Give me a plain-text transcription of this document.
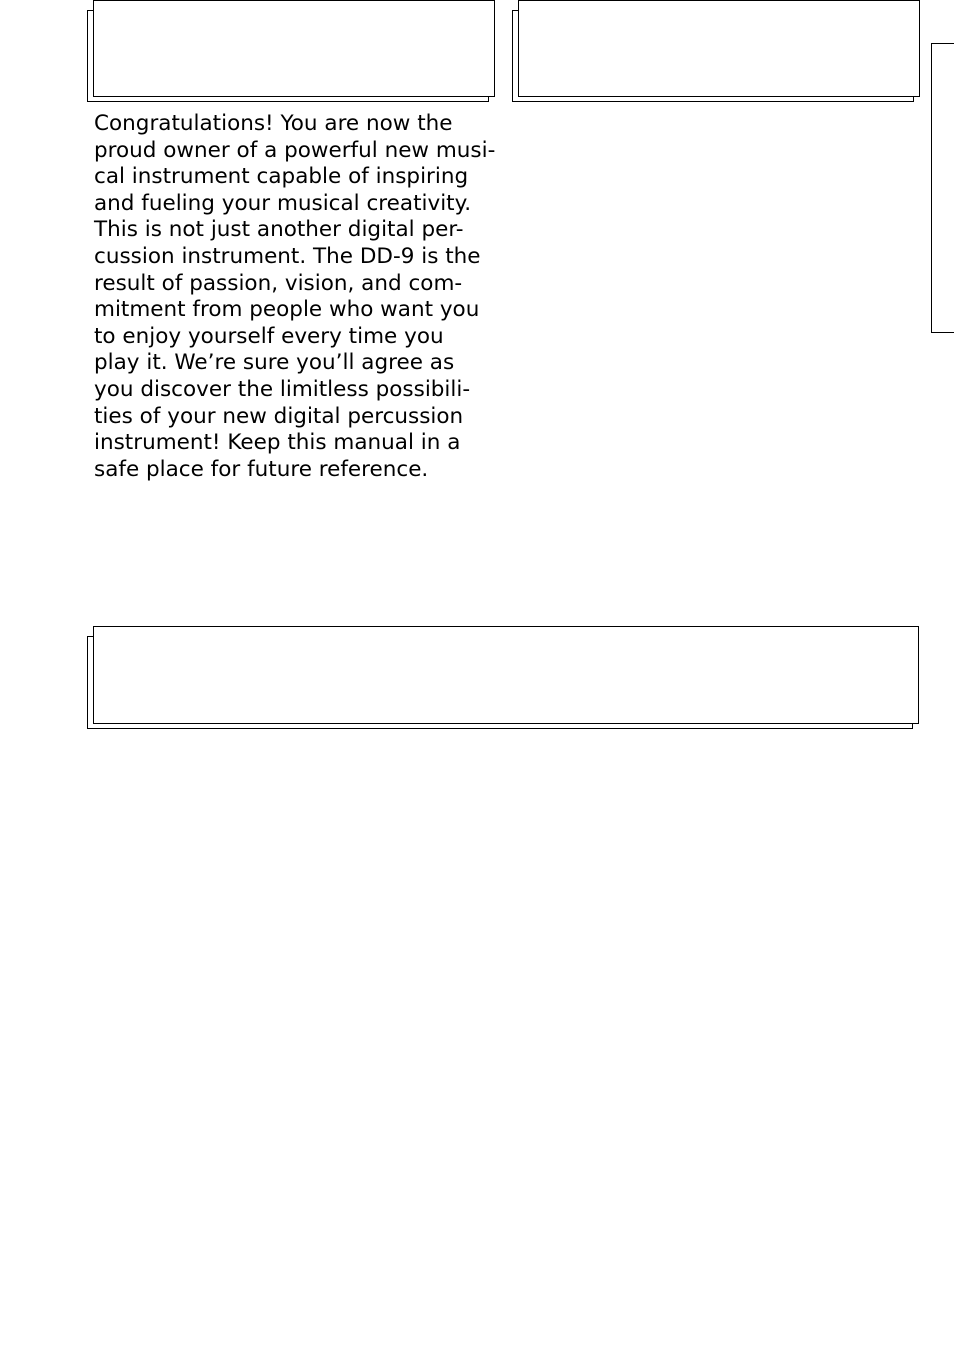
Congratulations! You are now the
proud owner of a powerful new musi-
cal instrument capable of inspiring
and fueling your musical creativity.
This is not just another digital per-
cussion instrument. The DD-9 is the
result of passion, vision, and com-
mitment from people who want you
to enjoy yourself every time you
play it. We’re sure you’ll agree as
you discover the limitless possibili-
ties of your new digital percussion
instrument! Keep this manual in a
safe place for future reference.
